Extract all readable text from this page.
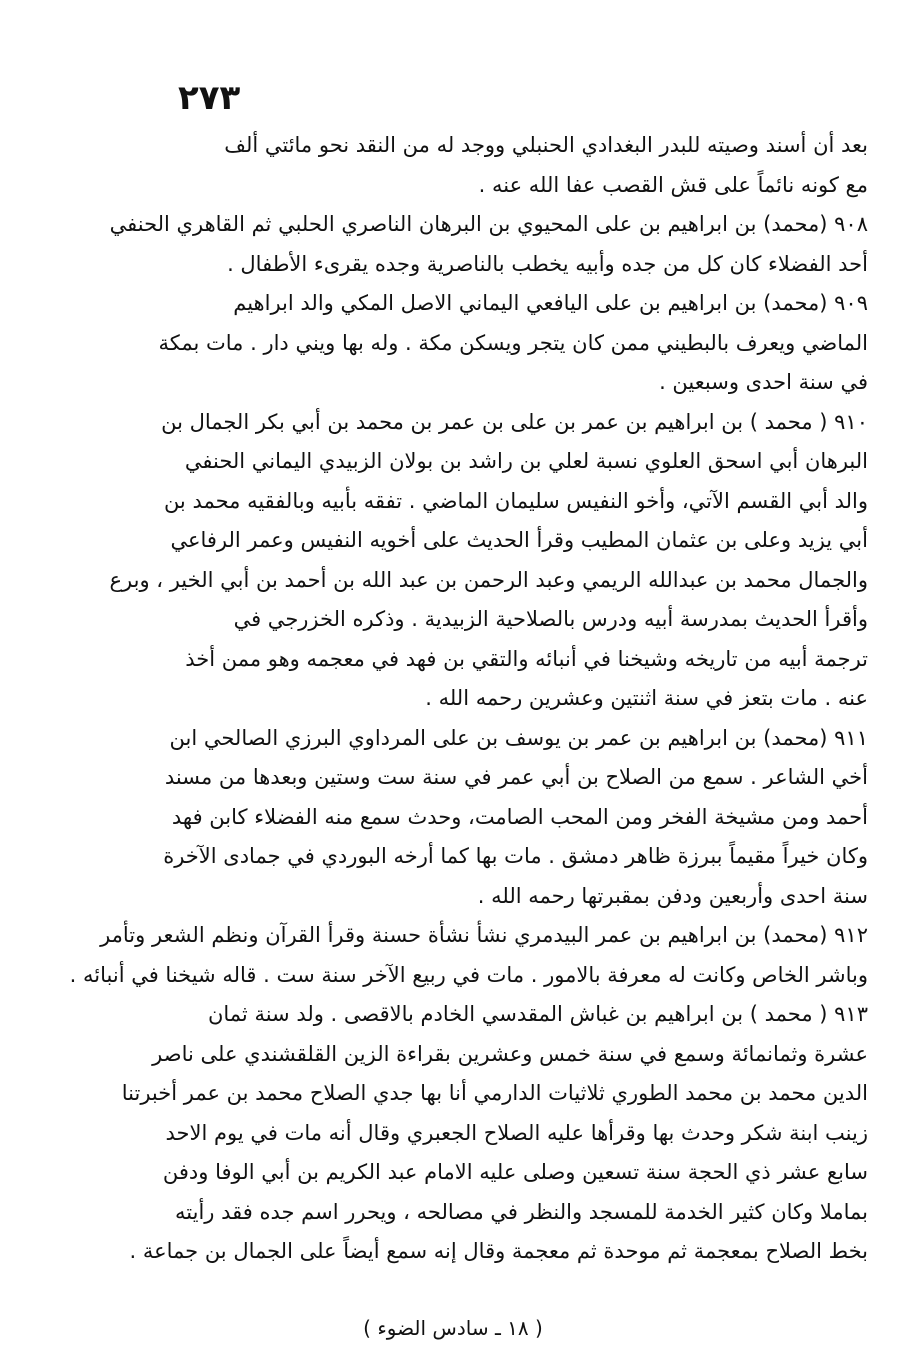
٢٧٣
بعد أن أسند وصيته للبدر البغدادي الحنبلي ووجد له من النقد نحو مائتي ألف
مع كونه نائماً على قش القصب عفا الله عنه .
٩٠٨ (محمد) بن ابراهيم بن على المحيوي بن البرهان الناصري الحلبي ثم القاهري الحنفي
أحد الفضلاء كان كل من جده وأبيه يخطب بالناصرية وجده يقرىء الأطفال .
٩٠٩ (محمد) بن ابراهيم بن على اليافعي اليماني الاصل المكي والد ابراهيم
الماضي ويعرف بالبطيني ممن كان يتجر ويسكن مكة . وله بها ويني دار . مات بمكة
في سنة احدى وسبعين .
٩١٠ ( محمد ) بن ابراهيم بن عمر بن على بن عمر بن محمد بن أبي بكر الجمال بن
البرهان أبي اسحق العلوي نسبة لعلي بن راشد بن بولان الزبيدي اليماني الحنفي
والد أبي القسم الآتي، وأخو النفيس سليمان الماضي . تفقه بأبيه وبالفقيه محمد بن
أبي يزيد وعلى بن عثمان المطيب وقرأ الحديث على أخويه النفيس وعمر الرفاعي
والجمال محمد بن عبدالله الريمي وعبد الرحمن بن عبد الله بن أحمد بن أبي الخير ، وبرع
وأقرأ الحديث بمدرسة أبيه ودرس بالصلاحية الزبيدية . وذكره الخزرجي في
ترجمة أبيه من تاريخه وشيخنا في أنبائه والتقي بن فهد في معجمه وهو ممن أخذ
عنه . مات بتعز في سنة اثنتين وعشرين رحمه الله .
٩١١ (محمد) بن ابراهيم بن عمر بن يوسف بن على المرداوي البرزي الصالحي ابن
أخي الشاعر . سمع من الصلاح بن أبي عمر في سنة ست وستين وبعدها من مسند
أحمد ومن مشيخة الفخر ومن المحب الصامت، وحدث سمع منه الفضلاء كابن فهد
وكان خيراً مقيماً ببرزة ظاهر دمشق . مات بها كما أرخه البوردي في جمادى الآخرة
سنة احدى وأربعين ودفن بمقبرتها رحمه الله .
٩١٢ (محمد) بن ابراهيم بن عمر البيدمري نشأ نشأة حسنة وقرأ القرآن ونظم الشعر وتأمر
وباشر الخاص وكانت له معرفة بالامور . مات في ربيع الآخر سنة ست . قاله شيخنا في أنبائه .
٩١٣ ( محمد ) بن ابراهيم بن غباش المقدسي الخادم بالاقصى . ولد سنة ثمان
عشرة وثمانمائة وسمع في سنة خمس وعشرين بقراءة الزين القلقشندي على ناصر
الدين محمد بن محمد الطوري ثلاثيات الدارمي أنا بها جدي الصلاح محمد بن عمر أخبرتنا
زينب ابنة شكر وحدث بها وقرأها عليه الصلاح الجعبري وقال أنه مات في يوم الاحد
سابع عشر ذي الحجة سنة تسعين وصلى عليه الامام عبد الكريم بن أبي الوفا ودفن
بماملا وكان كثير الخدمة للمسجد والنظر في مصالحه ، ويحرر اسم جده فقد رأيته
بخط الصلاح بمعجمة ثم موحدة ثم معجمة وقال إنه سمع أيضاً على الجمال بن جماعة .
( ١٨ ـ سادس الضوء )
